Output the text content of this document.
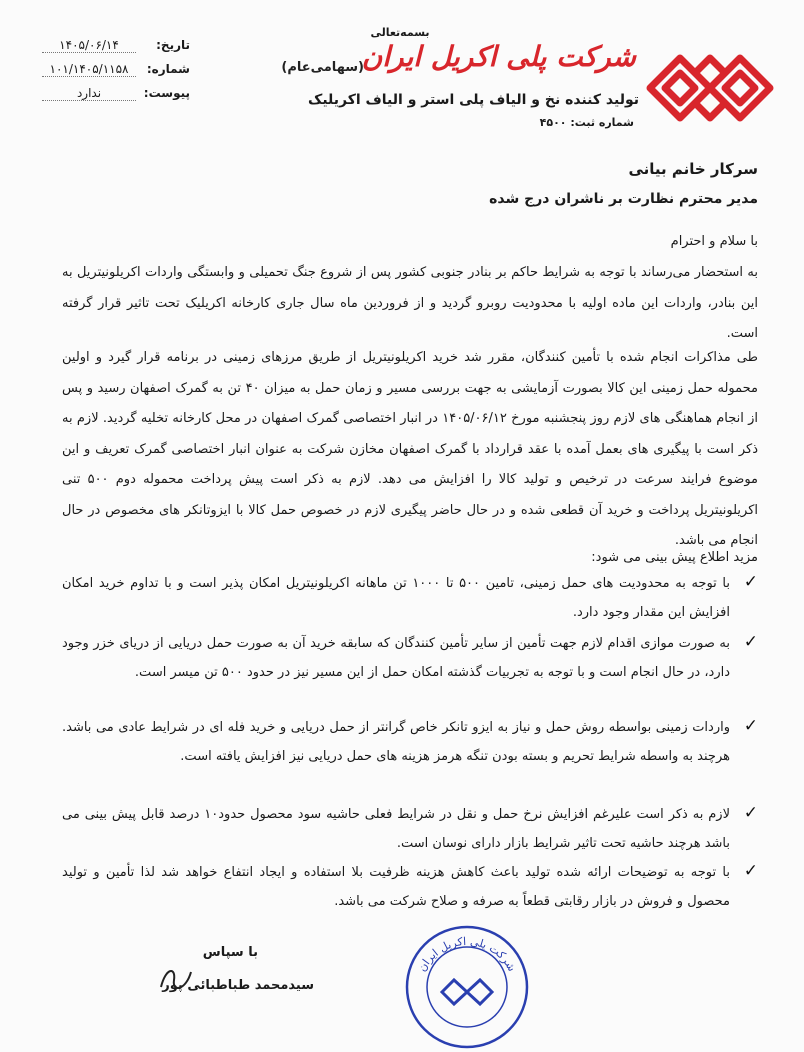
بسمه‌تعالی
شرکت پلی اکریل ایران
(سهامی‌عام)
تولید کننده نخ و الیاف پلی استر و الیاف اکریلیک
شماره ثبت: ۴۵۰۰
تاریخ:
۱۴۰۵/۰۶/۱۴
شماره:
۱۰۱/۱۴۰۵/۱۱۵۸
پیوست:
ندارد
سرکار خانم بیانی
مدیر محترم نظارت بر ناشران درج شده
با سلام و احترام
به استحضار می‌رساند با توجه به شرایط حاکم بر بنادر جنوبی کشور پس از شروع جنگ تحمیلی و وابستگی واردات اکریلونیتریل به این بنادر، واردات این ماده اولیه با محدودیت روبرو گردید و از فروردین ماه سال جاری کارخانه اکریلیک تحت تاثیر قرار گرفته است.
طی مذاکرات انجام شده با تأمین کنندگان، مقرر شد خرید اکریلونیتریل از طریق مرزهای زمینی در برنامه قرار گیرد و اولین محموله حمل زمینی این کالا بصورت آزمایشی به جهت بررسی مسیر و زمان حمل به میزان ۴۰ تن به گمرک اصفهان رسید و پس از انجام هماهنگی های لازم روز پنجشنبه مورخ ۱۴۰۵/۰۶/۱۲ در انبار اختصاصی گمرک اصفهان در محل کارخانه تخلیه گردید. لازم به ذکر است با پیگیری های بعمل آمده با عقد قرارداد با گمرک اصفهان مخازن شرکت به عنوان انبار اختصاصی گمرک تعریف و این موضوع فرایند سرعت در ترخیص و تولید کالا را افزایش می دهد. لازم به ذکر است پیش پرداخت محموله دوم ۵۰۰ تنی اکریلونیتریل پرداخت و خرید آن قطعی شده و در حال حاضر پیگیری لازم در خصوص حمل کالا با ایزوتانکر های مخصوص در حال انجام می باشد.
مزید اطلاع پیش بینی می شود:
✓
با توجه به محدودیت های حمل زمینی، تامین ۵۰۰ تا ۱۰۰۰ تن ماهانه اکریلونیتریل امکان پذیر است و با تداوم خرید امکان افزایش این مقدار وجود دارد.
✓
به صورت موازی اقدام لازم جهت تأمین از سایر تأمین کنندگان که سابقه خرید آن به صورت حمل دریایی از دریای خزر وجود دارد، در حال انجام است و با توجه به تجربیات گذشته امکان حمل از این مسیر نیز در حدود ۵۰۰ تن میسر است.
✓
واردات زمینی بواسطه روش حمل و نیاز به ایزو تانکر خاص گرانتر از حمل دریایی و خرید فله ای در شرایط عادی می باشد. هرچند به واسطه شرایط تحریم و بسته بودن تنگه هرمز هزینه های حمل دریایی نیز افزایش یافته است.
✓
لازم به ذکر است علیرغم افزایش نرخ حمل و نقل در شرایط فعلی حاشیه سود محصول حدود۱۰ درصد قابل پیش بینی می باشد هرچند حاشیه تحت تاثیر شرایط بازار دارای نوسان است.
✓
با توجه به توضیحات ارائه شده تولید باعث کاهش هزینه ظرفیت بلا استفاده و ایجاد انتفاع خواهد شد لذا تأمین و تولید محصول و فروش در بازار رقابتی قطعاً به صرفه و صلاح شرکت می باشد.
با سپاس
سیدمحمد طباطبائی پور
شرکت پلی اکریل ایران
